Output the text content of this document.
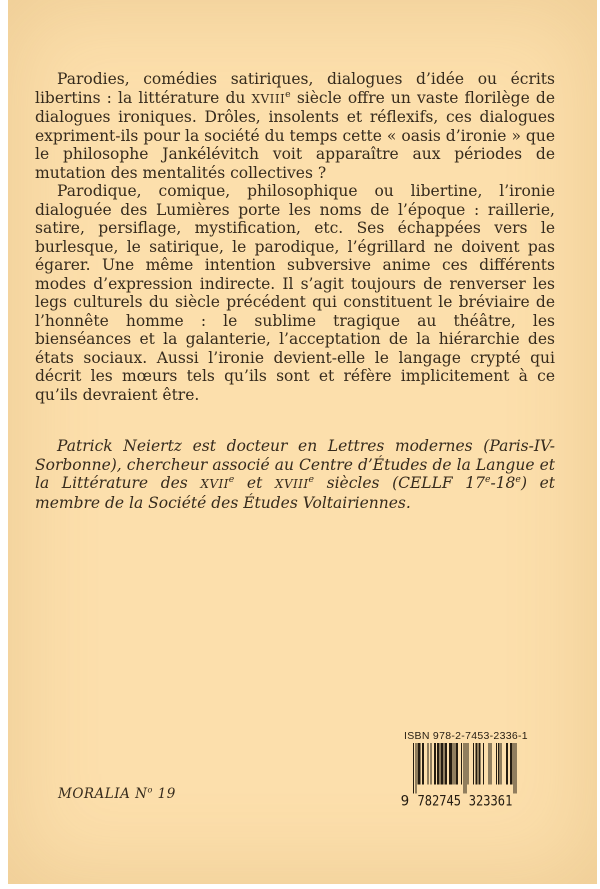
Parodies, comédies satiriques, dialogues d’idée ou écrits libertins : la littérature du XVIIIe siècle offre un vaste florilège de dialogues ironiques. Drôles, insolents et réflexifs, ces dialogues expriment-ils pour la société du temps cette « oasis d’ironie » que le philosophe Jankélévitch voit apparaître aux périodes de mutation des mentalités collectives ?

Parodique, comique, philosophique ou libertine, l’ironie dialoguée des Lumières porte les noms de l’époque : raillerie, satire, persiflage, mystification, etc. Ses échappées vers le burlesque, le satirique, le parodique, l’égrillard ne doivent pas égarer. Une même intention subversive anime ces différents modes d’expression indirecte. Il s’agit toujours de renverser les legs culturels du siècle précédent qui constituent le bréviaire de l’honnête homme : le sublime tragique au théâtre, les bienséances et la galanterie, l’acceptation de la hiérarchie des états sociaux. Aussi l’ironie devient-elle le langage crypté qui décrit les mœurs tels qu’ils sont et réfère implicitement à ce qu’ils devraient être.

Patrick Neiertz est docteur en Lettres modernes (Paris-IV-Sorbonne), chercheur associé au Centre d’Études de la Langue et la Littérature des XVIIe et XVIIIe siècles (CELLF 17e-18e) et membre de la Société des Études Voltairiennes.

MORALIA $N^o$ 19
ISBN 978-2-7453-2336-1
9 782745 323361
